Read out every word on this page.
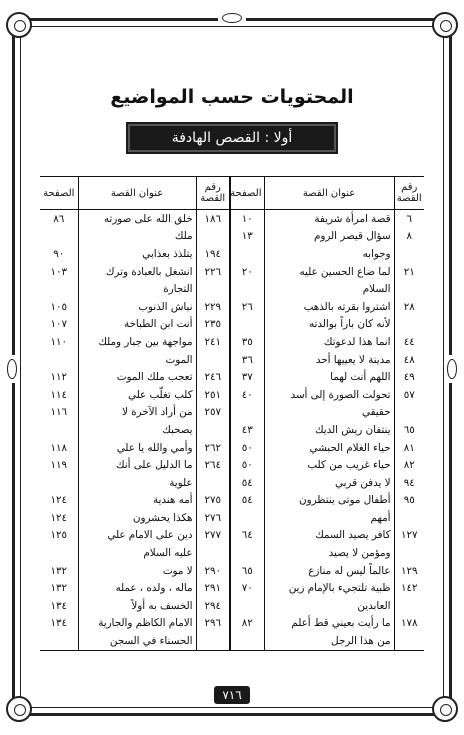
المحتويات حسب المواضيع
أولا : القصص الهادفة
رقم القصة	عنوان القصة	الصفحة	رقم القصة	عنوان القصة	الصفحة
٦	قصة امرأة شريفة	١٠	١٨٦	خلق الله على صورته	٨٦
٨	سؤال قيصر الروم	١٣		ملك	
	وجوابه		١٩٤	يتلذذ بعذابي	٩٠
٢١	لما ضاع الحسين عليه	٢٠	٢٢٦	انشغل بالعبادة وترك	١٠٣
	السلام			التجارة	
٢٨	اشتروا بقرته بالذهب	٢٦	٢٢٩	نباش الذنوب	١٠٥
	لأنه كان باراً بوالدته		٢٣٥	أنت ابن الطباخة	١٠٧
٤٤	انما هذا لدعوتك	٣٥	٢٤١	مواجهة بين جبار وملك	١١٠
٤٨	مدينة لا يعييها أحد	٣٦		الموت	
٤٩	اللهم أنت لهما	٣٧	٢٤٦	تعجب ملك الموت	١١٢
٥٧	تحولت الصورة إلى أسد	٤٠	٢٥١	كلب تغلّب علي	١١٤
	حقيقي		٢٥٧	من أراد الآخرة لا	١١٦
٦٥	ينتفان ريش الديك	٤٣		يصحبك	
٨١	حياء الغلام الحبشي	٥٠	٢٦٢	وأمي والله يا علي	١١٨
٨٢	حياء غريب من كلب	٥٠	٢٦٤	ما الدليل على أنك	١١٩
٩٤	لا يدفن قربي	٥٤		علوية	
٩٥	أطفال موتى ينتظرون	٥٤	٢٧٥	أمه هندية	١٢٤
	أمهم		٢٧٦	هكذا يحشرون	١٢٤
١٢٧	كافر يصيد السمك	٦٤	٢٧٧	دين على الامام علي	١٢٥
	ومؤمن لا يصيد			عليه السلام	
١٢٩	عالماً ليس له منازع	٦٥	٢٩٠	لا موت	١٣٢
١٤٢	ظبية تلتجيء بالإمام زين	٧٠	٢٩١	ماله ، ولده ، عمله	١٣٢
	العابدين		٢٩٤	الخسف به أولاً	١٣٤
١٧٨	ما رأيت بعيني قط أعلم	٨٢	٢٩٦	الامام الكاظم والجارية	١٣٤
	من هذا الرجل			الحسناء في السجن	
٧١٦
